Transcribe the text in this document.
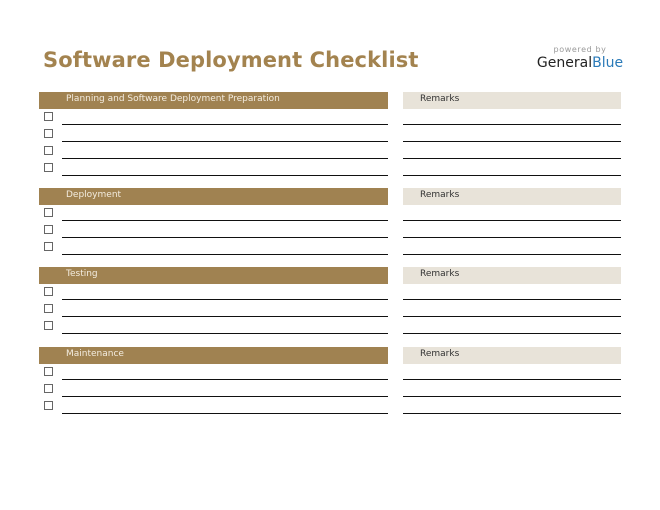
Software Deployment Checklist	powered by
GeneralBlue
Planning and Software Deployment Preparation	Remarks
Deployment	Remarks
Testing	Remarks
Maintenance	Remarks
